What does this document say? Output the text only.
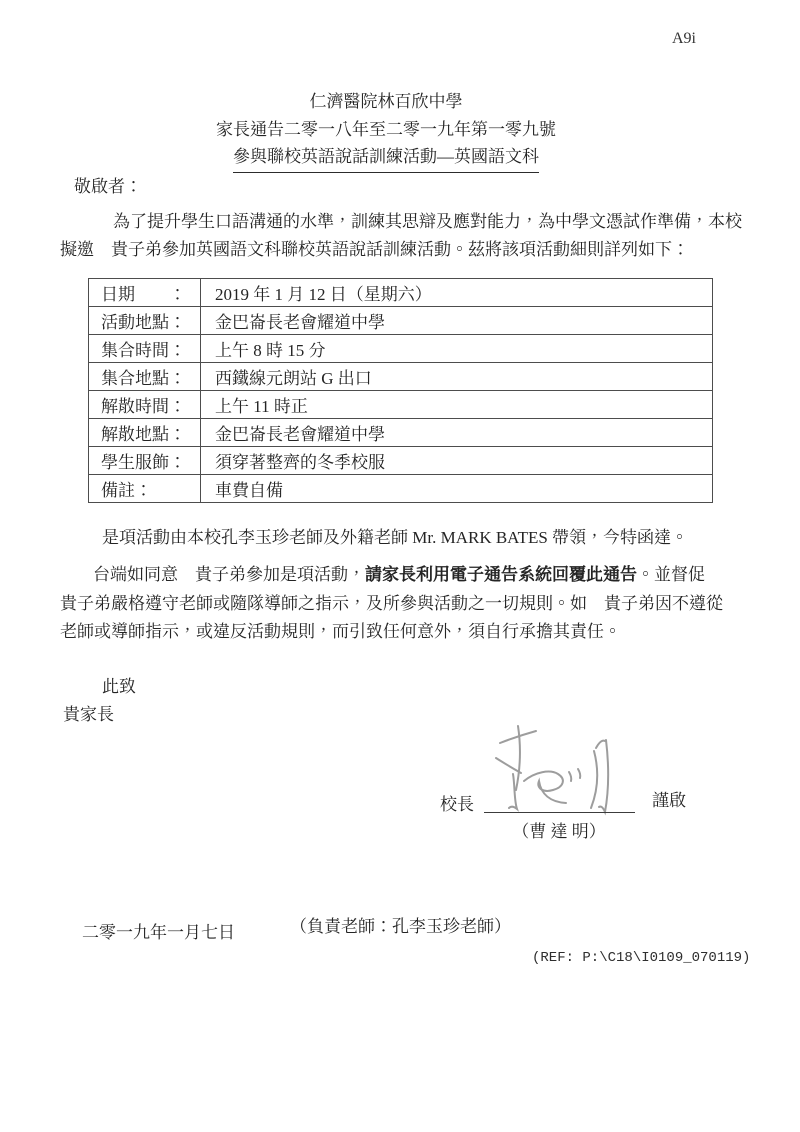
A9i
仁濟醫院林百欣中學
家長通告二零一八年至二零一九年第一零九號
參與聯校英語說話訓練活動—英國語文科
敬啟者：
為了提升學生口語溝通的水準，訓練其思辯及應對能力，為中學文憑試作準備，本校
擬邀　貴子弟參加英國語文科聯校英語說話訓練活動。茲將該項活動細則詳列如下：
日期　　：	2019 年 1 月 12 日（星期六）
活動地點：	金巴崙長老會耀道中學
集合時間：	上午 8 時 15 分
集合地點：	西鐵線元朗站 G 出口
解散時間：	上午 11 時正
解散地點：	金巴崙長老會耀道中學
學生服飾：	須穿著整齊的冬季校服
備註：	車費自備
是項活動由本校孔李玉珍老師及外籍老師 Mr. MARK BATES 帶領，今特函達。
台端如同意　貴子弟參加是項活動，請家長利用電子通告系統回覆此通告。並督促
貴子弟嚴格遵守老師或隨隊導師之指示，及所參與活動之一切規則。如　貴子弟因不遵從
老師或導師指示，或違反活動規則，而引致任何意外，須自行承擔其責任。
此致
貴家長
校長	謹啟
（曹 達 明）
二零一九年一月七日	（負責老師：孔李玉珍老師）
(REF: P:\C18\I0109_070119)
